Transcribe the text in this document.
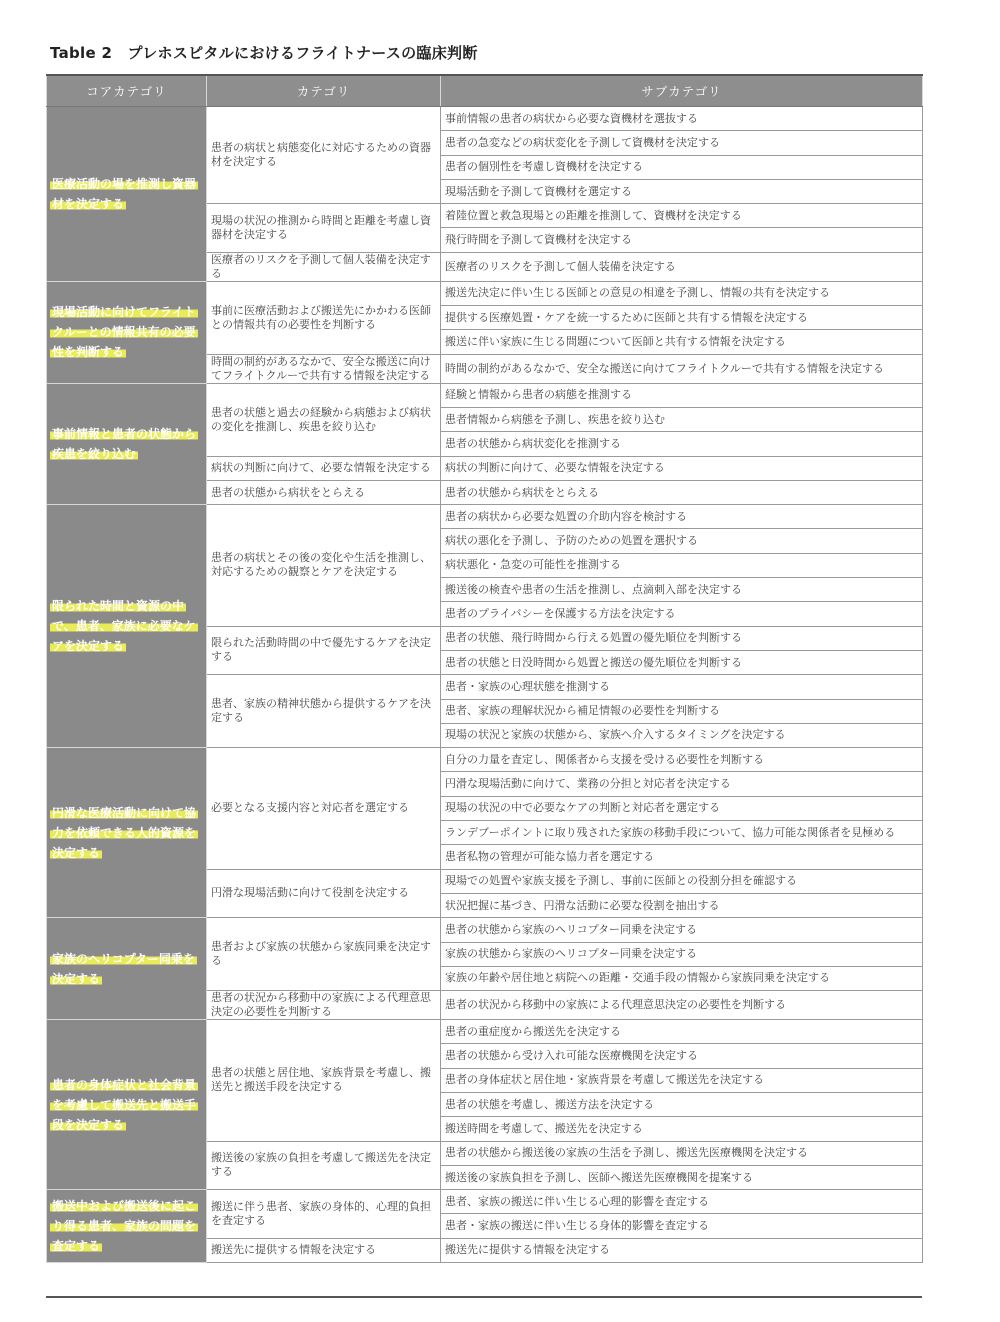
Table 2　プレホスピタルにおけるフライトナースの臨床判断
コアカテゴリ	カテゴリ	サブカテゴリ
医療活動の場を推測し資器材を決定する	患者の病状と病態変化に対応するための資器材を決定する	事前情報の患者の病状から必要な資機材を選抜する
		患者の急変などの病状変化を予測して資機材を決定する
		患者の個別性を考慮し資機材を決定する
		現場活動を予測して資機材を選定する
	現場の状況の推測から時間と距離を考慮し資器材を決定する	着陸位置と救急現場との距離を推測して、資機材を決定する
		飛行時間を予測して資機材を決定する
	医療者のリスクを予測して個人装備を決定する	医療者のリスクを予測して個人装備を決定する
現場活動に向けてフライトクルーとの情報共有の必要性を判断する	事前に医療活動および搬送先にかかわる医師との情報共有の必要性を判断する	搬送先決定に伴い生じる医師との意見の相違を予測し、情報の共有を決定する
		提供する医療処置・ケアを統一するために医師と共有する情報を決定する
		搬送に伴い家族に生じる問題について医師と共有する情報を決定する
	時間の制約があるなかで、安全な搬送に向けてフライトクルーで共有する情報を決定する	時間の制約があるなかで、安全な搬送に向けてフライトクルーで共有する情報を決定する
事前情報と患者の状態から疾患を絞り込む	患者の状態と過去の経験から病態および病状の変化を推測し、疾患を絞り込む	経験と情報から患者の病態を推測する
		患者情報から病態を予測し、疾患を絞り込む
		患者の状態から病状変化を推測する
	病状の判断に向けて、必要な情報を決定する	病状の判断に向けて、必要な情報を決定する
	患者の状態から病状をとらえる	患者の状態から病状をとらえる
限られた時間と資源の中で、患者、家族に必要なケアを決定する	患者の病状とその後の変化や生活を推測し、対応するための観察とケアを決定する	患者の病状から必要な処置の介助内容を検討する
		病状の悪化を予測し、予防のための処置を選択する
		病状悪化・急変の可能性を推測する
		搬送後の検査や患者の生活を推測し、点滴刺入部を決定する
		患者のプライバシーを保護する方法を決定する
	限られた活動時間の中で優先するケアを決定する	患者の状態、飛行時間から行える処置の優先順位を判断する
		患者の状態と日没時間から処置と搬送の優先順位を判断する
	患者、家族の精神状態から提供するケアを決定する	患者・家族の心理状態を推測する
		患者、家族の理解状況から補足情報の必要性を判断する
		現場の状況と家族の状態から、家族へ介入するタイミングを決定する
円滑な医療活動に向けて協力を依頼できる人的資源を決定する	必要となる支援内容と対応者を選定する	自分の力量を査定し、関係者から支援を受ける必要性を判断する
		円滑な現場活動に向けて、業務の分担と対応者を決定する
		現場の状況の中で必要なケアの判断と対応者を選定する
		ランデブーポイントに取り残された家族の移動手段について、協力可能な関係者を見極める
		患者私物の管理が可能な協力者を選定する
	円滑な現場活動に向けて役割を決定する	現場での処置や家族支援を予測し、事前に医師との役割分担を確認する
		状況把握に基づき、円滑な活動に必要な役割を抽出する
家族のヘリコプター同乗を決定する	患者および家族の状態から家族同乗を決定する	患者の状態から家族のヘリコプター同乗を決定する
		家族の状態から家族のヘリコプター同乗を決定する
		家族の年齢や居住地と病院への距離・交通手段の情報から家族同乗を決定する
	患者の状況から移動中の家族による代理意思決定の必要性を判断する	患者の状況から移動中の家族による代理意思決定の必要性を判断する
患者の身体症状と社会背景を考慮して搬送先と搬送手段を決定する	患者の状態と居住地、家族背景を考慮し、搬送先と搬送手段を決定する	患者の重症度から搬送先を決定する
		患者の状態から受け入れ可能な医療機関を決定する
		患者の身体症状と居住地・家族背景を考慮して搬送先を決定する
		患者の状態を考慮し、搬送方法を決定する
		搬送時間を考慮して、搬送先を決定する
	搬送後の家族の負担を考慮して搬送先を決定する	患者の状態から搬送後の家族の生活を予測し、搬送先医療機関を決定する
		搬送後の家族負担を予測し、医師へ搬送先医療機関を提案する
搬送中および搬送後に起こり得る患者、家族の問題を査定する	搬送に伴う患者、家族の身体的、心理的負担を査定する	患者、家族の搬送に伴い生じる心理的影響を査定する
		患者・家族の搬送に伴い生じる身体的影響を査定する
	搬送先に提供する情報を決定する	搬送先に提供する情報を決定する
